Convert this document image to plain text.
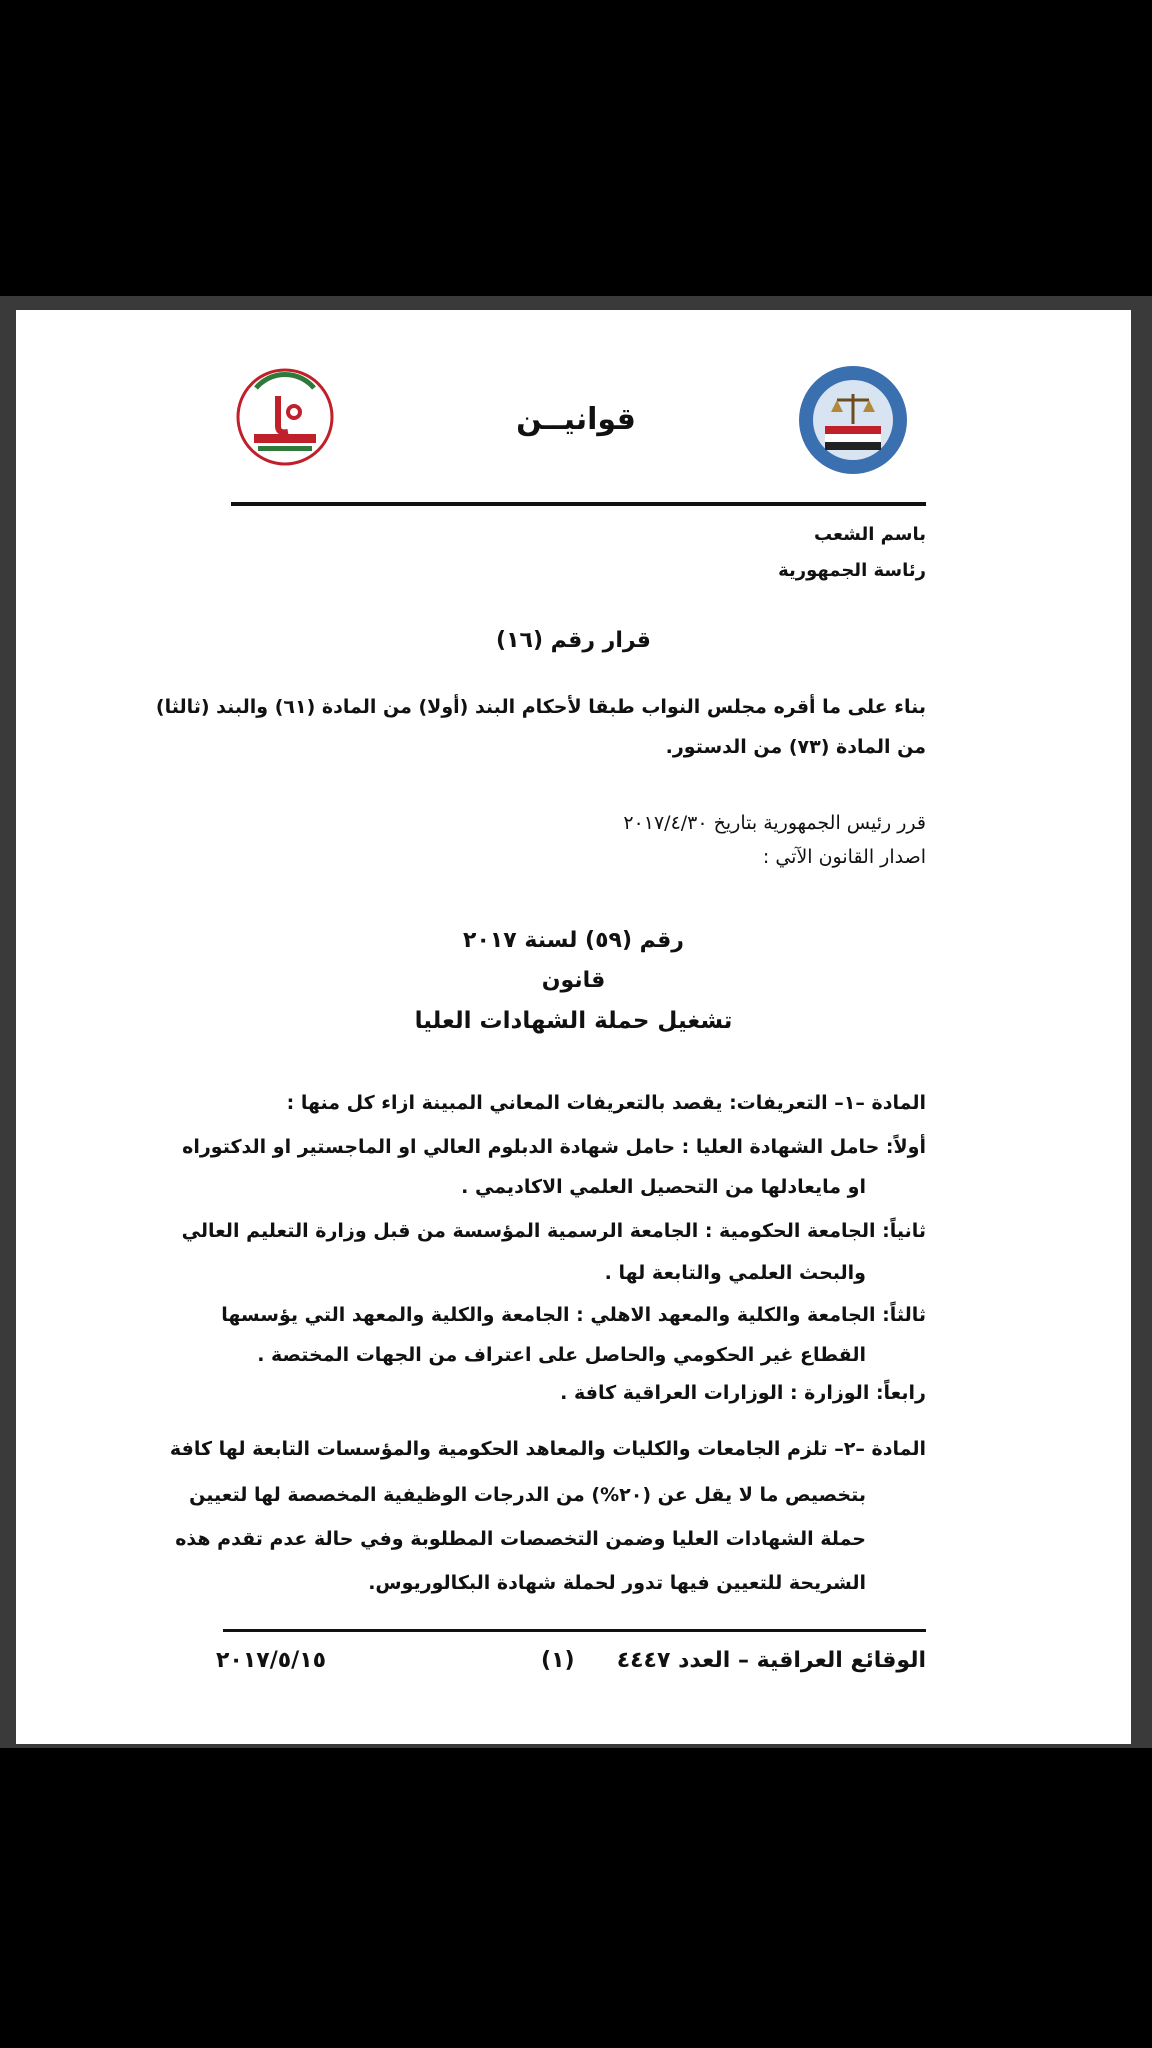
قوانيــن
باسم الشعب
رئاسة الجمهورية
قرار رقم (١٦)
بناء على ما أقره مجلس النواب طبقا لأحكام البند (أولا) من المادة (٦١) والبند (ثالثا)
من المادة (٧٣) من الدستور.
قرر رئيس الجمهورية بتاريخ ٢٠١٧/٤/٣٠
اصدار القانون الآتي :
رقم (٥٩) لسنة ٢٠١٧
قانون
تشغيل حملة الشهادات العليا
المادة –١– التعريفات: يقصد بالتعريفات المعاني المبينة ازاء كل منها :
أولاً: حامل الشهادة العليا : حامل شهادة الدبلوم العالي او الماجستير او الدكتوراه
او مايعادلها من التحصيل العلمي الاكاديمي .
ثانياً: الجامعة الحكومية : الجامعة الرسمية المؤسسة من قبل وزارة التعليم العالي
والبحث العلمي والتابعة لها .
ثالثاً: الجامعة والكلية والمعهد الاهلي : الجامعة والكلية والمعهد التي يؤسسها
القطاع غير الحكومي والحاصل على اعتراف من الجهات المختصة .
رابعاً: الوزارة : الوزارات العراقية كافة .
المادة –٢– تلزم الجامعات والكليات والمعاهد الحكومية والمؤسسات التابعة لها كافة
بتخصيص ما لا يقل عن (٢٠%) من الدرجات الوظيفية المخصصة لها لتعيين
حملة الشهادات العليا وضمن التخصصات المطلوبة وفي حالة عدم تقدم هذه
الشريحة للتعيين فيها تدور لحملة شهادة البكالوريوس.
الوقائع العراقية – العدد ٤٤٤٧
(١)
٢٠١٧/٥/١٥
